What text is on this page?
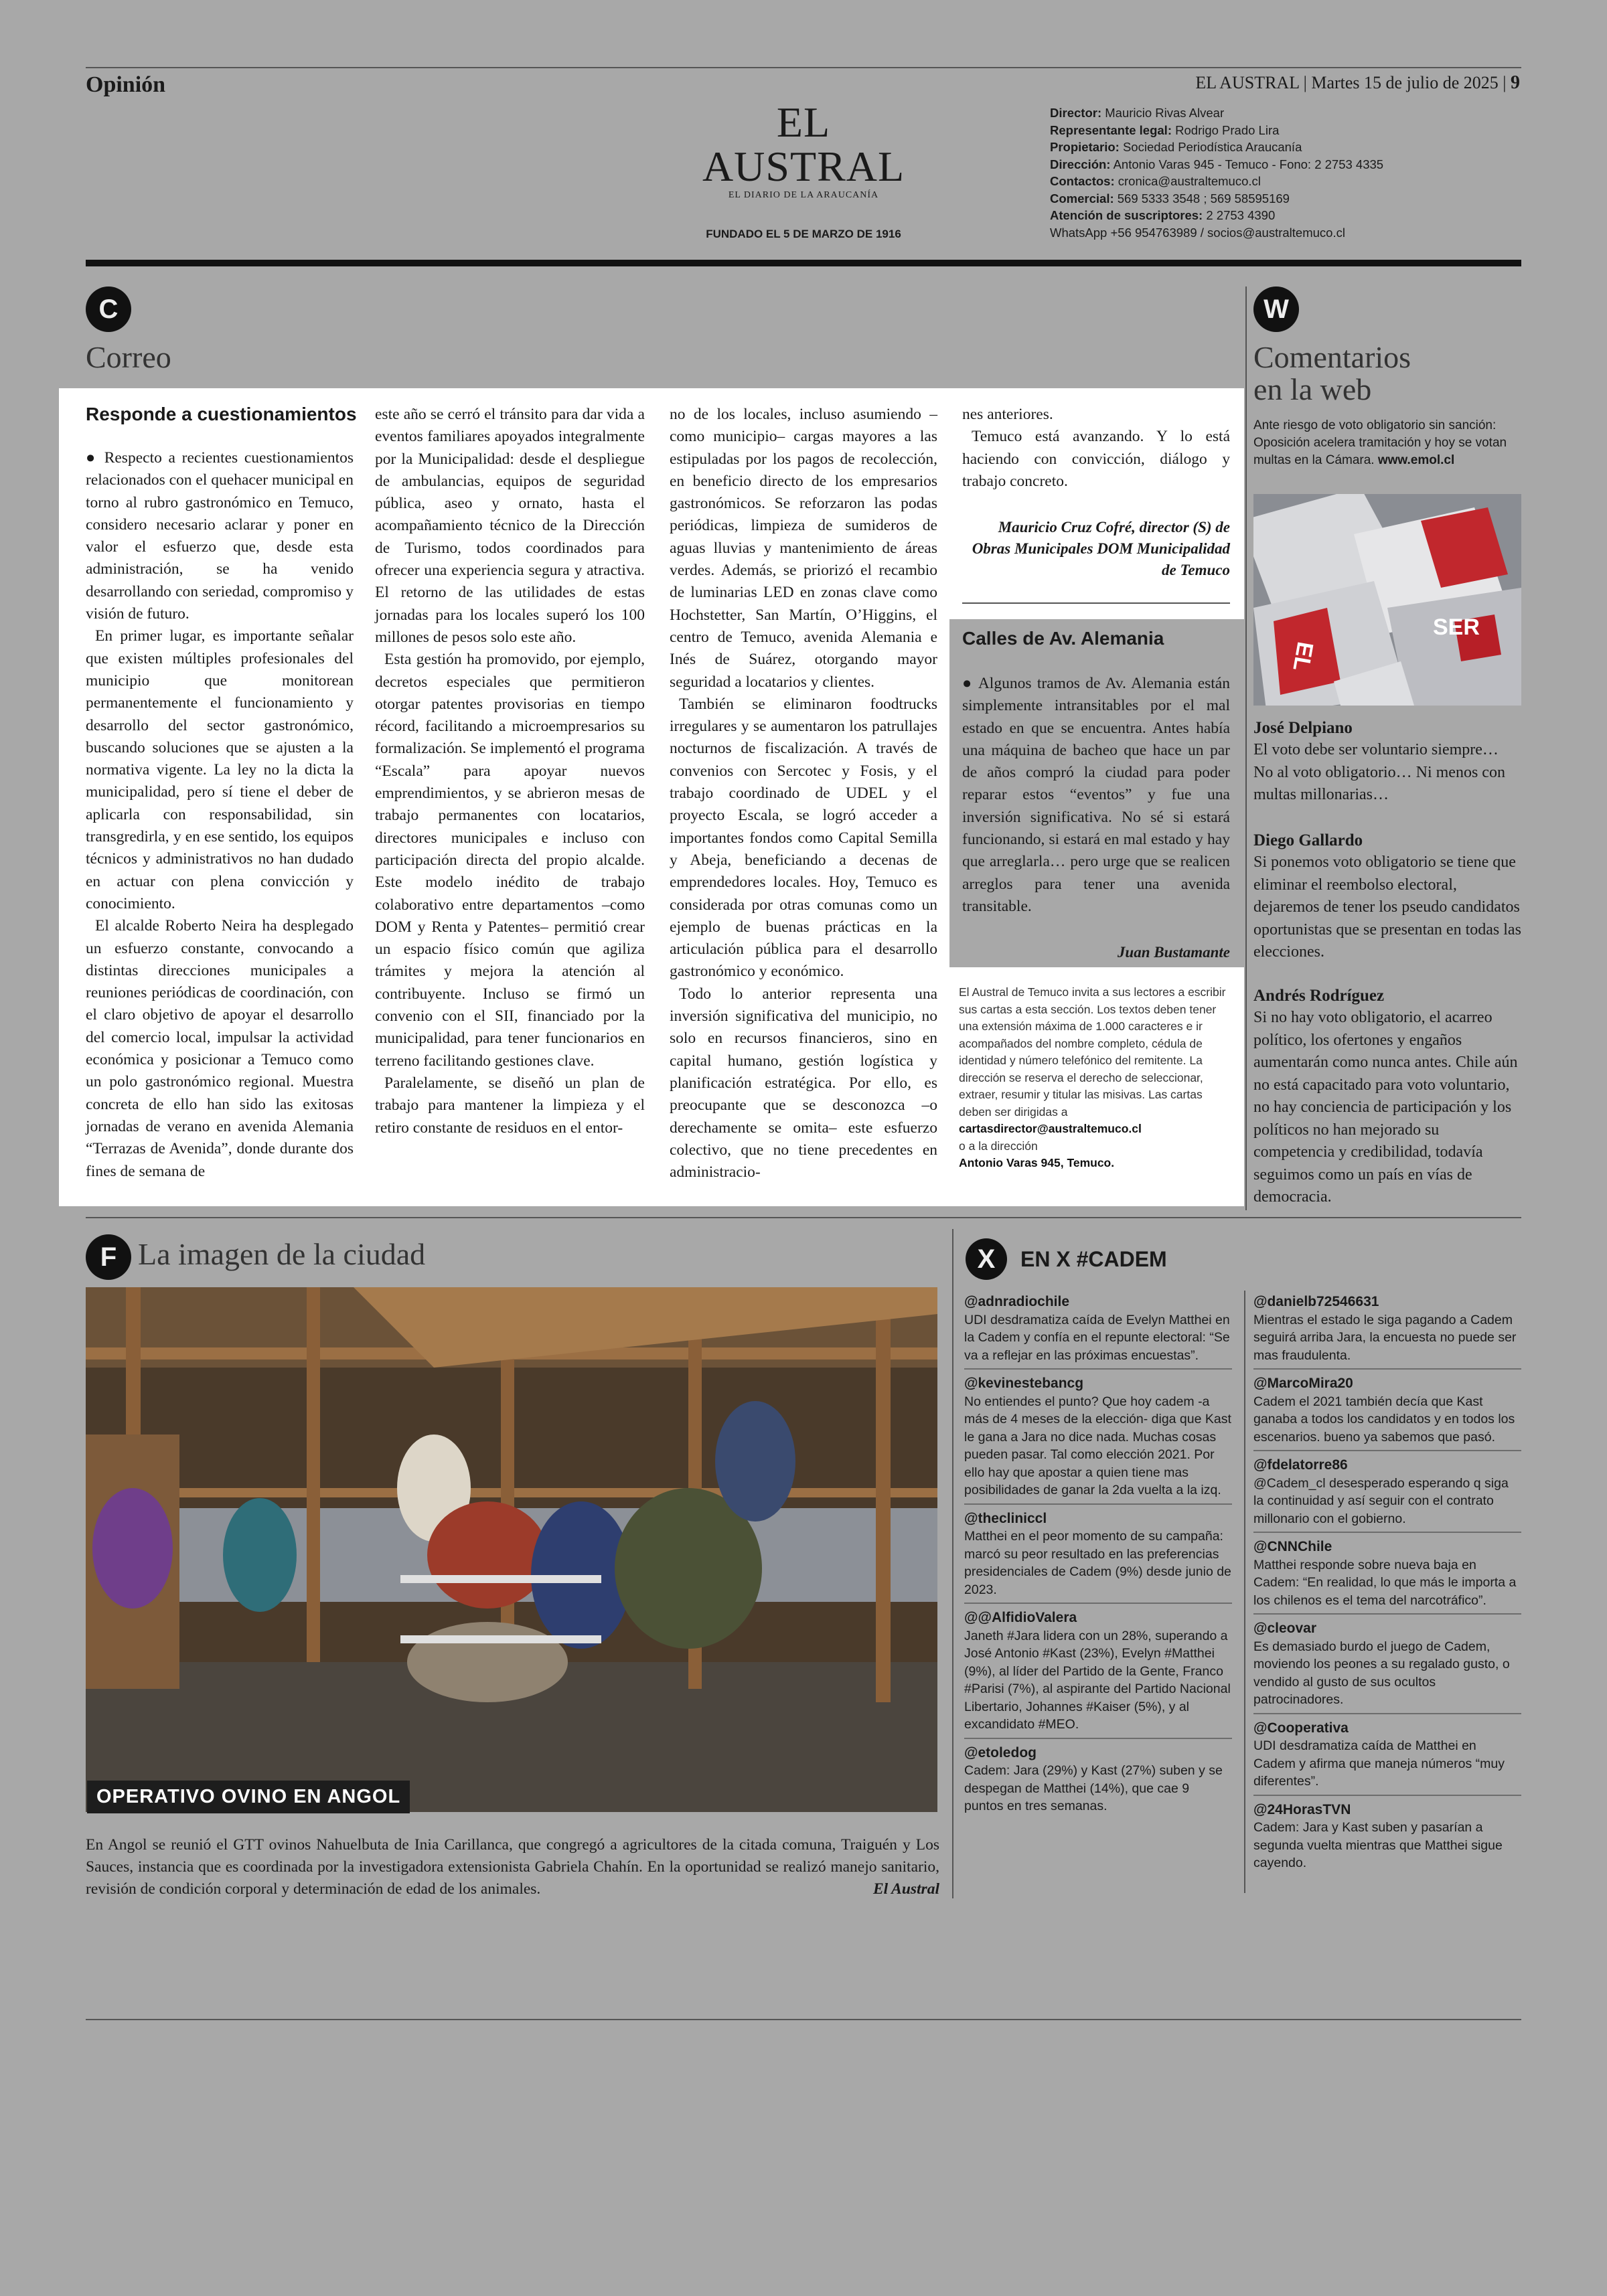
Opinión	EL AUSTRAL | Martes 15 de julio de 2025 | 9
EL AUSTRAL
EL DIARIO DE LA ARAUCANÍA
FUNDADO EL 5 DE MARZO DE 1916
Director: Mauricio Rivas Alvear
Representante legal: Rodrigo Prado Lira
Propietario: Sociedad Periodística Araucanía
Dirección: Antonio Varas 945 - Temuco - Fono: 2 2753 4335
Contactos: cronica@australtemuco.cl
Comercial: 569 5333 3548 ; 569 58595169
Atención de suscriptores: 2 2753 4390
WhatsApp +56 954763989 / socios@australtemuco.cl
C
Correo
Responde a cuestionamientos

● Respecto a recientes cuestionamientos relacionados con el quehacer municipal en torno al rubro gastronómico en Temuco, considero necesario aclarar y poner en valor el esfuerzo que, desde esta administración, se ha venido desarrollando con seriedad, compromiso y visión de futuro.

En primer lugar, es importante señalar que existen múltiples profesionales del municipio que monitorean permanentemente el funcionamiento y desarrollo del sector gastronómico, buscando soluciones que se ajusten a la normativa vigente. La ley no la dicta la municipalidad, pero sí tiene el deber de aplicarla con responsabilidad, sin transgredirla, y en ese sentido, los equipos técnicos y administrativos no han dudado en actuar con plena convicción y conocimiento.

El alcalde Roberto Neira ha desplegado un esfuerzo constante, convocando a distintas direcciones municipales a reuniones periódicas de coordinación, con el claro objetivo de apoyar el desarrollo del comercio local, impulsar la actividad económica y posicionar a Temuco como un polo gastronómico regional. Muestra concreta de ello han sido las exitosas jornadas de verano en avenida Alemania “Terrazas de Avenida”, donde durante dos fines de semana de

este año se cerró el tránsito para dar vida a eventos familiares apoyados integralmente por la Municipalidad: desde el despliegue de ambulancias, equipos de seguridad pública, aseo y ornato, hasta el acompañamiento técnico de la Dirección de Turismo, todos coordinados para ofrecer una experiencia segura y atractiva. El retorno de las utilidades de estas jornadas para los locales superó los 100 millones de pesos solo este año.

Esta gestión ha promovido, por ejemplo, decretos especiales que permitieron otorgar patentes provisorias en tiempo récord, facilitando a microempresarios su formalización. Se implementó el programa “Escala” para apoyar nuevos emprendimientos, y se abrieron mesas de trabajo permanentes con locatarios, directores municipales e incluso con participación directa del propio alcalde. Este modelo inédito de trabajo colaborativo entre departamentos –como DOM y Renta y Patentes– permitió crear un espacio físico común que agiliza trámites y mejora la atención al contribuyente. Incluso se firmó un convenio con el SII, financiado por la municipalidad, para tener funcionarios en terreno facilitando gestiones clave.

Paralelamente, se diseñó un plan de trabajo para mantener la limpieza y el retiro constante de residuos en el entor-

no de los locales, incluso asumiendo –como municipio– cargas mayores a las estipuladas por los pagos de recolección, en beneficio directo de los empresarios gastronómicos. Se reforzaron las podas periódicas, limpieza de sumideros de aguas lluvias y mantenimiento de áreas verdes. Además, se priorizó el recambio de luminarias LED en zonas clave como Hochstetter, San Martín, O’Higgins, el centro de Temuco, avenida Alemania e Inés de Suárez, otorgando mayor seguridad a locatarios y clientes.

También se eliminaron foodtrucks irregulares y se aumentaron los patrullajes nocturnos de fiscalización. A través de convenios con Sercotec y Fosis, y el trabajo coordinado de UDEL y el proyecto Escala, se logró acceder a importantes fondos como Capital Semilla y Abeja, beneficiando a decenas de emprendedores locales. Hoy, Temuco es considerada por otras comunas como un ejemplo de buenas prácticas en la articulación pública para el desarrollo gastronómico y económico.

Todo lo anterior representa una inversión significativa del municipio, no solo en recursos financieros, sino en capital humano, gestión logística y planificación estratégica. Por ello, es preocupante que se desconozca –o derechamente se omita– este esfuerzo colectivo, que no tiene precedentes en administracio-

nes anteriores.

Temuco está avanzando. Y lo está haciendo con convicción, diálogo y trabajo concreto.

Mauricio Cruz Cofré, director (S) de Obras Municipales DOM Municipalidad de Temuco
Calles de Av. Alemania

● Algunos tramos de Av. Alemania están simplemente intransitables por el mal estado en que se encuentra. Antes había una máquina de bacheo que hace un par de años compró la ciudad para poder reparar estos “eventos” y fue una inversión significativa. No sé si estará funcionando, si estará en mal estado y hay que arreglarla… pero urge que se realicen arreglos para tener una avenida transitable.

Juan Bustamante
El Austral de Temuco invita a sus lectores a escribir sus cartas a esta sección. Los textos deben tener una extensión máxima de 1.000 caracteres e ir acompañados del nombre completo, cédula de identidad y número telefónico del remitente. La dirección se reserva el derecho de seleccionar, extraer, resumir y titular las misivas. Las cartas deben ser dirigidas a
cartasdirector@australtemuco.cl
o a la dirección
Antonio Varas 945, Temuco.
W
Comentarios
en la web
Ante riesgo de voto obligatorio sin sanción: Oposición acelera tramitación y hoy se votan multas en la Cámara. www.emol.cl
SER
EL
José Delpiano
El voto debe ser voluntario siempre… No al voto obligatorio… Ni menos con multas millonarias…
Diego Gallardo
Si ponemos voto obligatorio se tiene que eliminar el reembolso electoral, dejaremos de tener los pseudo candidatos oportunistas que se presentan en todas las elecciones.
Andrés Rodríguez
Si no hay voto obligatorio, el acarreo político, los ofertones y engaños aumentarán como nunca antes. Chile aún no está capacitado para voto voluntario, no hay conciencia de participación y los políticos no han mejorado su competencia y credibilidad, todavía seguimos como un país en vías de democracia.
F La imagen de la ciudad
OPERATIVO OVINO EN ANGOL
En Angol se reunió el GTT ovinos Nahuelbuta de Inia Carillanca, que congregó a agricultores de la citada comuna, Traiguén y Los Sauces, instancia que es coordinada por la investigadora extensionista Gabriela Chahín. En la oportunidad se realizó manejo sanitario, revisión de condición corporal y determinación de edad de los animales.	El Austral
X	EN X #CADEM
@adnradiochile
UDI desdramatiza caída de Evelyn Matthei en la Cadem y confía en el repunte electoral: “Se va a reflejar en las próximas encuestas”.
@kevinestebancg
No entiendes el punto? Que hoy cadem -a más de 4 meses de la elección- diga que Kast le gana a Jara no dice nada. Muchas cosas pueden pasar. Tal como elección 2021. Por ello hay que apostar a quien tiene mas posibilidades de ganar la 2da vuelta a la izq.
@thecliniccl
Matthei en el peor momento de su campaña: marcó su peor resultado en las preferencias presidenciales de Cadem (9%) desde junio de 2023.
@@AlfidioValera
Janeth #Jara lidera con un 28%, superando a José Antonio #Kast (23%), Evelyn #Matthei (9%), al líder del Partido de la Gente, Franco #Parisi (7%), al aspirante del Partido Nacional Libertario, Johannes #Kaiser (5%), y al excandidato #MEO.
@etoledog
Cadem: Jara (29%) y Kast (27%) suben y se despegan de Matthei (14%), que cae 9 puntos en tres semanas.
@danielb72546631
Mientras el estado le siga pagando a Cadem seguirá arriba Jara, la encuesta no puede ser mas fraudulenta.
@MarcoMira20
Cadem el 2021 también decía que Kast ganaba a todos los candidatos y en todos los escenarios. bueno ya sabemos que pasó.
@fdelatorre86
@Cadem_cl desesperado esperando q siga la continuidad y así seguir con el contrato millonario con el gobierno.
@CNNChile
Matthei responde sobre nueva baja en Cadem: “En realidad, lo que más le importa a los chilenos es el tema del narcotráfico”.
@cleovar
Es demasiado burdo el juego de Cadem, moviendo los peones a su regalado gusto, o vendido al gusto de sus ocultos patrocinadores.
@Cooperativa
UDI desdramatiza caída de Matthei en Cadem y afirma que maneja números “muy diferentes”.
@24HorasTVN
Cadem: Jara y Kast suben y pasarían a segunda vuelta mientras que Matthei sigue cayendo.
